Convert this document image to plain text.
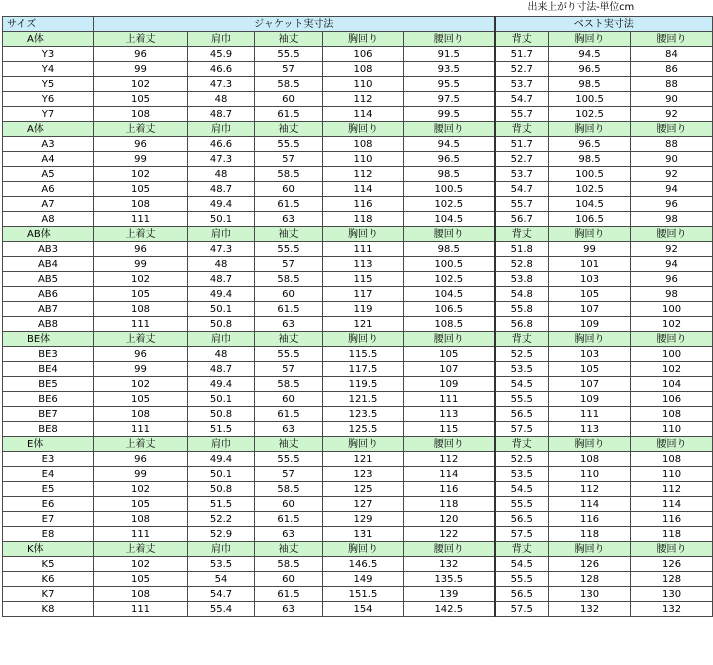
出来上がり寸法-単位cm
サイズ	ジャケット実寸法					ベスト実寸法		
A体	上着丈	肩巾	袖丈	胸回り	腰回り	背丈	胸回り	腰回り
Y3	96	45.9	55.5	106	91.5	51.7	94.5	84
Y4	99	46.6	57	108	93.5	52.7	96.5	86
Y5	102	47.3	58.5	110	95.5	53.7	98.5	88
Y6	105	48	60	112	97.5	54.7	100.5	90
Y7	108	48.7	61.5	114	99.5	55.7	102.5	92
A体	上着丈	肩巾	袖丈	胸回り	腰回り	背丈	胸回り	腰回り
A3	96	46.6	55.5	108	94.5	51.7	96.5	88
A4	99	47.3	57	110	96.5	52.7	98.5	90
A5	102	48	58.5	112	98.5	53.7	100.5	92
A6	105	48.7	60	114	100.5	54.7	102.5	94
A7	108	49.4	61.5	116	102.5	55.7	104.5	96
A8	111	50.1	63	118	104.5	56.7	106.5	98
AB体	上着丈	肩巾	袖丈	胸回り	腰回り	背丈	胸回り	腰回り
AB3	96	47.3	55.5	111	98.5	51.8	99	92
AB4	99	48	57	113	100.5	52.8	101	94
AB5	102	48.7	58.5	115	102.5	53.8	103	96
AB6	105	49.4	60	117	104.5	54.8	105	98
AB7	108	50.1	61.5	119	106.5	55.8	107	100
AB8	111	50.8	63	121	108.5	56.8	109	102
BE体	上着丈	肩巾	袖丈	胸回り	腰回り	背丈	胸回り	腰回り
BE3	96	48	55.5	115.5	105	52.5	103	100
BE4	99	48.7	57	117.5	107	53.5	105	102
BE5	102	49.4	58.5	119.5	109	54.5	107	104
BE6	105	50.1	60	121.5	111	55.5	109	106
BE7	108	50.8	61.5	123.5	113	56.5	111	108
BE8	111	51.5	63	125.5	115	57.5	113	110
E体	上着丈	肩巾	袖丈	胸回り	腰回り	背丈	胸回り	腰回り
E3	96	49.4	55.5	121	112	52.5	108	108
E4	99	50.1	57	123	114	53.5	110	110
E5	102	50.8	58.5	125	116	54.5	112	112
E6	105	51.5	60	127	118	55.5	114	114
E7	108	52.2	61.5	129	120	56.5	116	116
E8	111	52.9	63	131	122	57.5	118	118
K体	上着丈	肩巾	袖丈	胸回り	腰回り	背丈	胸回り	腰回り
K5	102	53.5	58.5	146.5	132	54.5	126	126
K6	105	54	60	149	135.5	55.5	128	128
K7	108	54.7	61.5	151.5	139	56.5	130	130
K8	111	55.4	63	154	142.5	57.5	132	132
